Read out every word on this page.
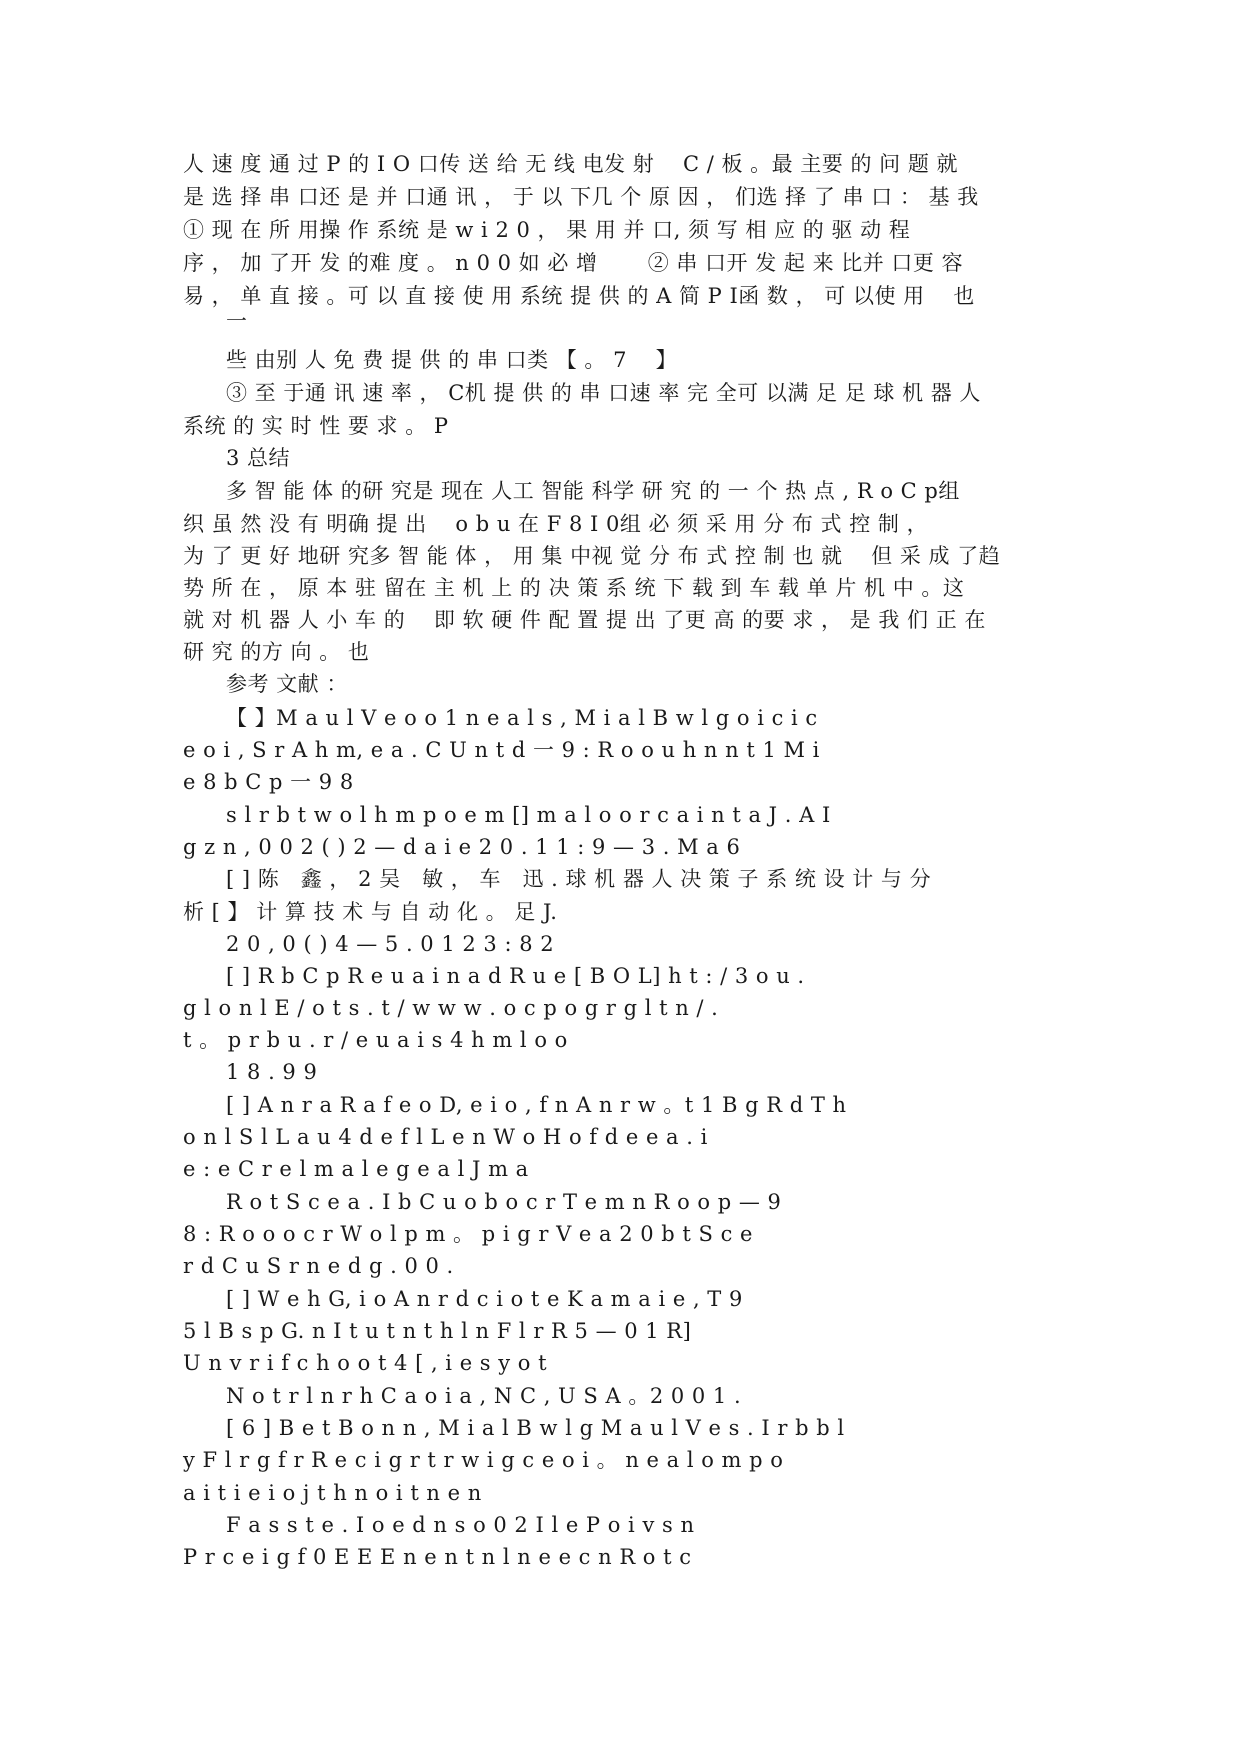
人 速 度 通 过 P 的 I O 口传 送 给 无 线 电发 射　 C / 板 。最 主要 的 问 题 就
是 选 择 串 口还 是 并 口通 讯 ， 于 以 下几 个 原 因 ， 们选 择 了 串 口 ： 基 我
① 现 在 所 用操 作 系统 是 w i 2 0 ， 果 用 并 口, 须 写 相 应 的 驱 动 程
序 ， 加 了开 发 的难 度 。 n 0 0 如 必 增　　 ② 串 口开 发 起 来 比并 口更 容
易 ， 单 直 接 。可 以 直 接 使 用 系统 提 供 的 A 简 P I函 数 ， 可 以使 用　 也
一
些 由别 人 免 费 提 供 的 串 口类 【 。 7　 】
③ 至 于通 讯 速 率 ， C机 提 供 的 串 口速 率 完 全可 以满 足 足 球 机 器 人
系统 的 实 时 性 要 求 。 P
3 总结
多 智 能 体 的研 究是 现在 人工 智能 科学 研 究 的 一 个 热 点 , R o C p组
织 虽 然 没 有 明确 提 出　 o b u 在 F 8 I 0组 必 须 采 用 分 布 式 控 制 ，
为 了 更 好 地研 究多 智 能 体 ， 用 集 中视 觉 分 布 式 控 制 也 就　 但 采 成 了趋
势 所 在 ， 原 本 驻 留在 主 机 上 的 决 策 系 统 下 载 到 车 载 单 片 机 中 。这
就 对 机 器 人 小 车 的　 即 软 硬 件 配 置 提 出 了更 高 的要 求 ， 是 我 们 正 在
研 究 的方 向 。 也
参考 文献 ：
【 】M a u l V e o o 1 n e a l s , M i a l B w l g o i c i c
e o i , S r A h m, e a . C U n t d 一 9 : R o o u h n n t 1 M i
e 8 b C p 一 9 8
s l r b t w o l h m p o e m [] m a l o o r c a i n t a J . A I
g z n , 0 0 2 ( ) 2 — d a i e 2 0 . 1 1 : 9 — 3 . M a 6
[ ] 陈　鑫 ， 2 吴　敏 ， 车　迅 . 球 机 器 人 决 策 子 系 统 设 计 与 分
析 [ 】 计 算 技 术 与 自 动 化 。 足 J.
2 0 , 0 ( ) 4 — 5 . 0 1 2 3 : 8 2
[ ] R b C p R e u a i n a d R u e [ B O L] h t : / 3 o u .
g l o n l E / o t s . t / w w w . o c p o g r g l t n / .
t 。 p r b u . r / e u a i s 4 h m l o o
1 8 . 9 9
[ ] A n r a R a f e o D, e i o , f n A n r w 。t 1 B g R d T h
o n l S l L a u 4 d e f l L e n W o H o f d e e a . i
e : e C r e l m a l e g e a l J m a
R o t S c e a . I b C u o b o c r T e m n R o o p — 9
8 : R o o o c r W o l p m 。 p i g r V e a 2 0 b t S c e
r d C u S r n e d g . 0 0 .
[ ] W e h G, i o A n r d c i o t e K a m a i e , T 9
5 l B s p G. n I t u t n t h l n F l r R 5 — 0 1 R]
U n v r i f c h o o t 4 [ , i e s y o t
N o t r l n r h C a o i a , N C , U S A 。2 0 0 1 .
[ 6 ] B e t B o n n , M i a l B w l g M a u l V e s . I r b b l
y F l r g f r R e c i g r t r w i g c e o i 。 n e a l o m p o
a i t i e i o j t h n o i t n e n
F a s s t e . I o e d n s o 0 2 I l e P o i v s n
P r c e i g f 0 E E E n e n t n l n e e c n R o t c
